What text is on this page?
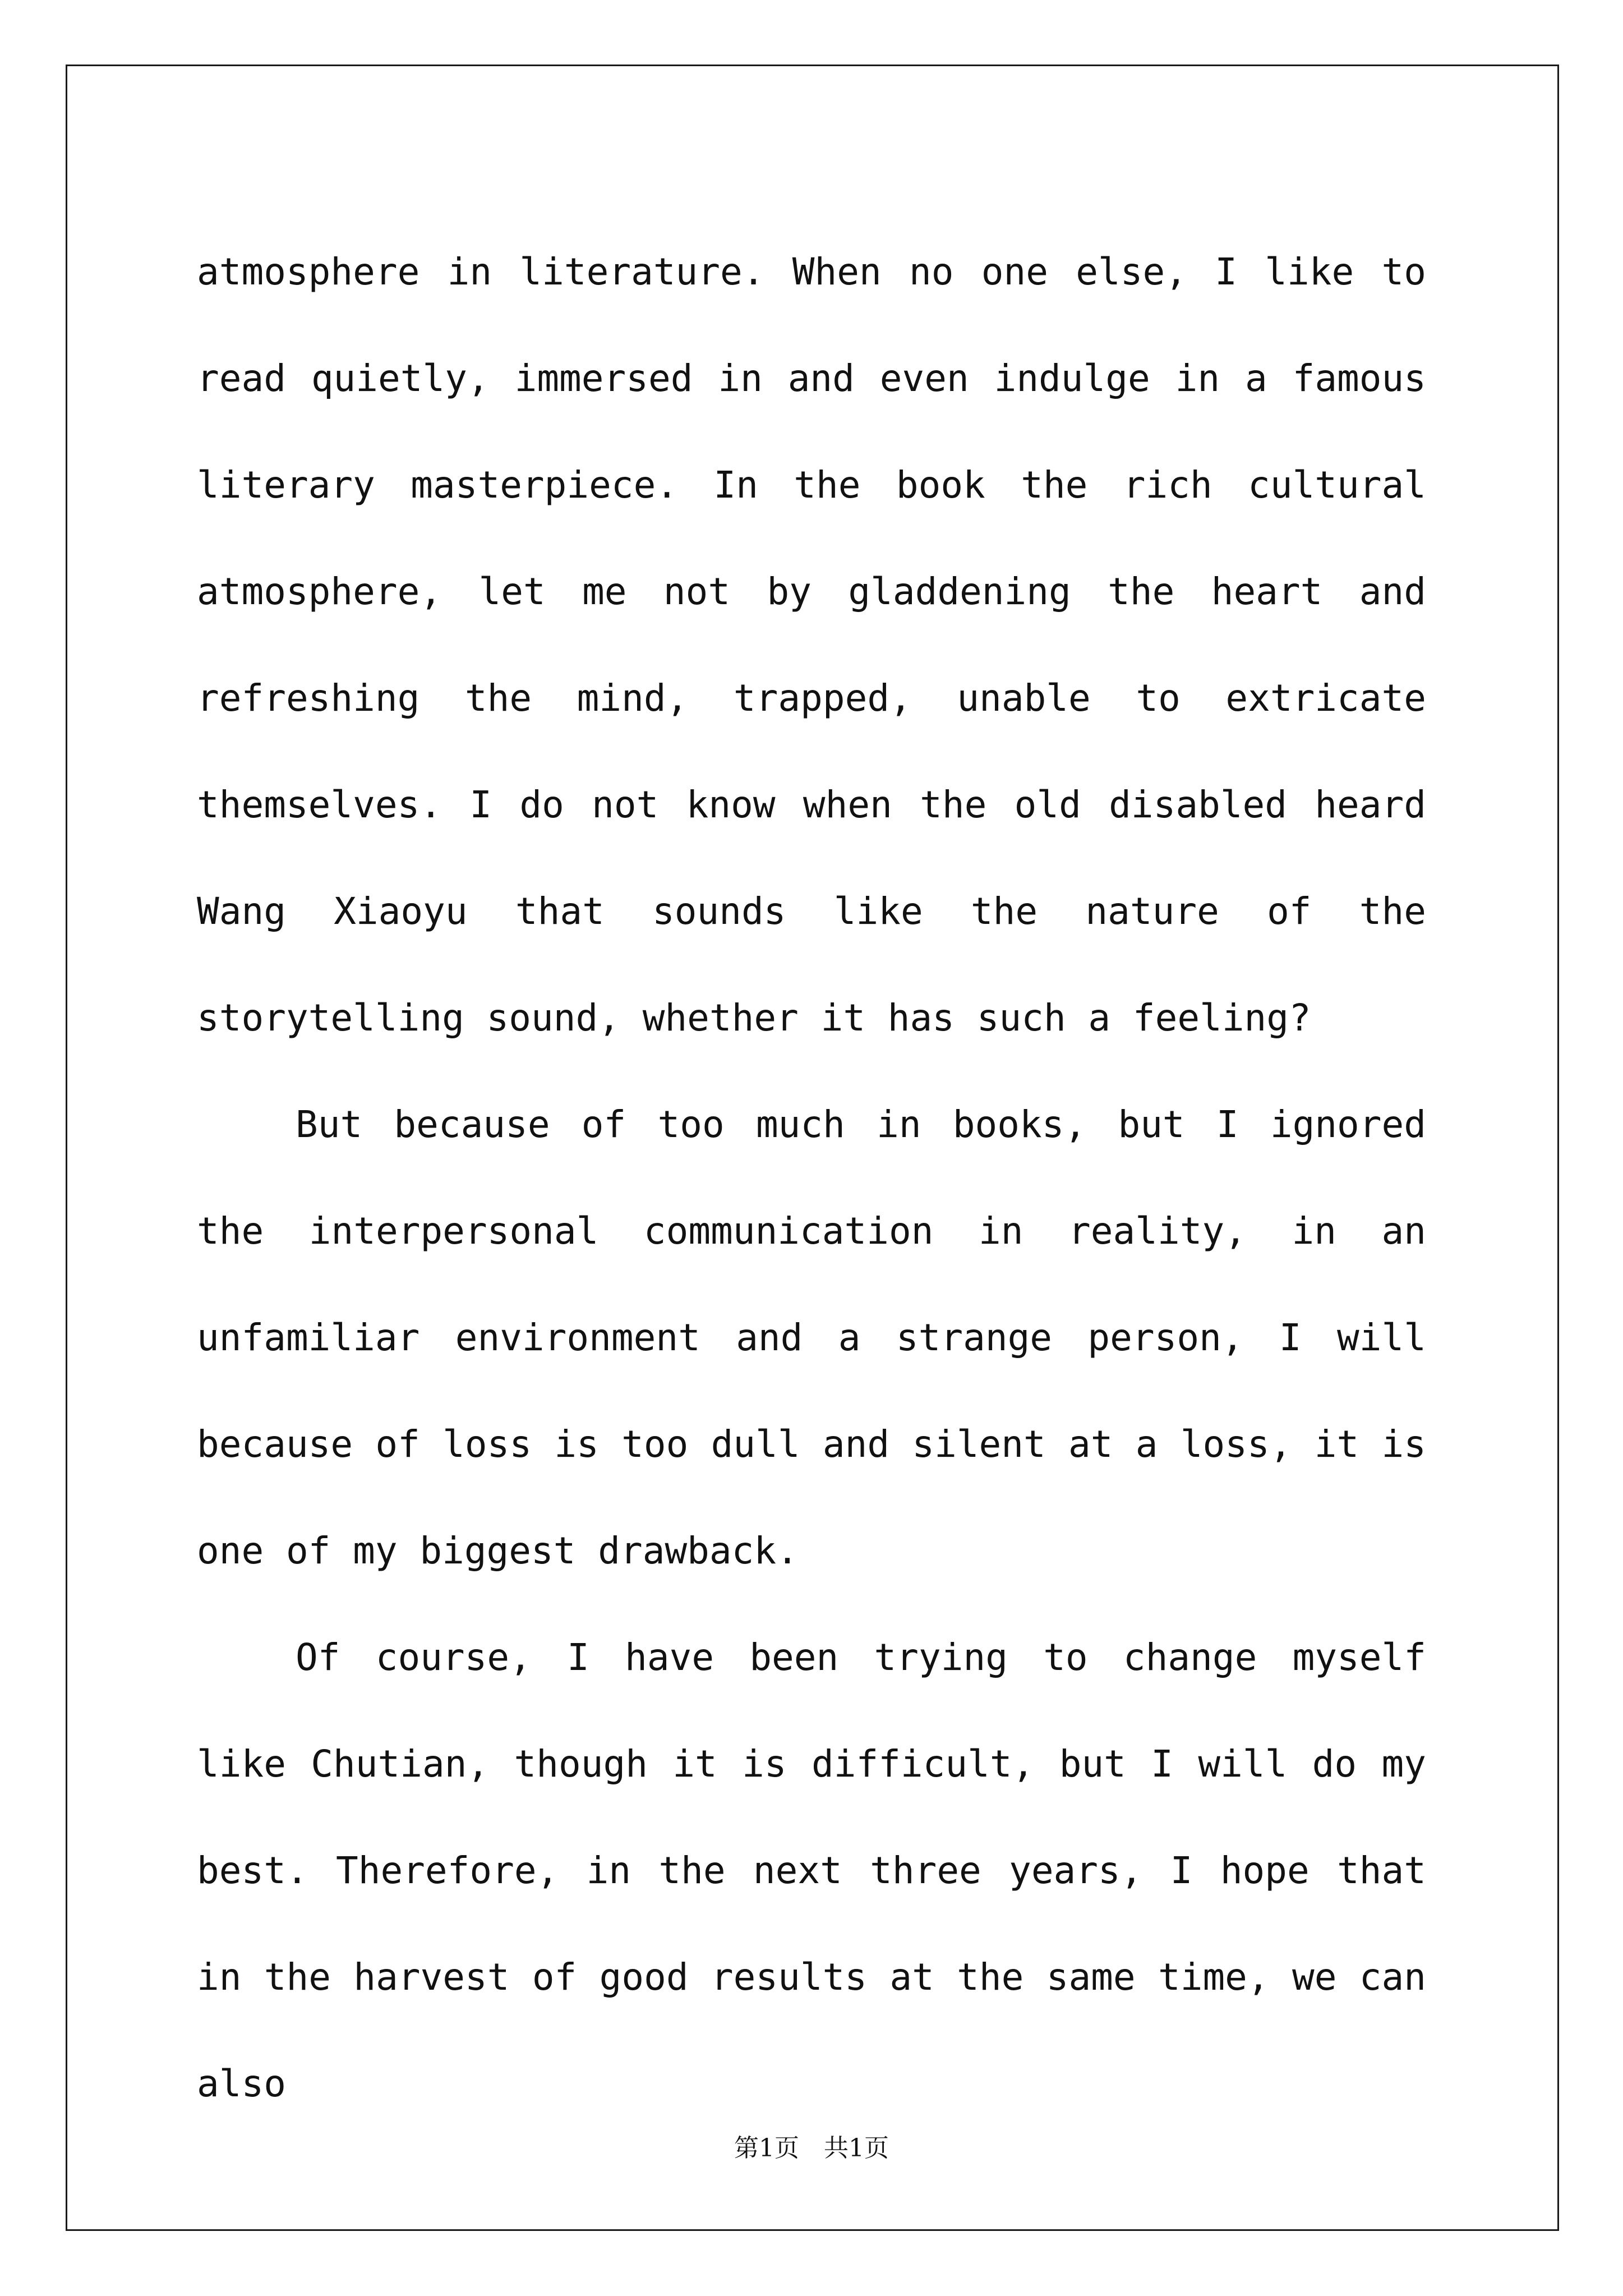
atmosphere in literature. When no one else, I like to read quietly, immersed in and even indulge in a famous literary masterpiece. In the book the rich cultural atmosphere, let me not by gladdening the heart and refreshing the mind, trapped, unable to extricate themselves. I do not know when the old disabled heard Wang Xiaoyu that sounds like the nature of the storytelling sound, whether it has such a feeling?

But because of too much in books, but I ignored the interpersonal communication in reality, in an unfamiliar environment and a strange person, I will because of loss is too dull and silent at a loss, it is one of my biggest drawback.

Of course, I have been trying to change myself like Chutian, though it is difficult, but I will do my best. Therefore, in the next three years, I hope that in the harvest of good results at the same time, we can also

第1页　共1页
